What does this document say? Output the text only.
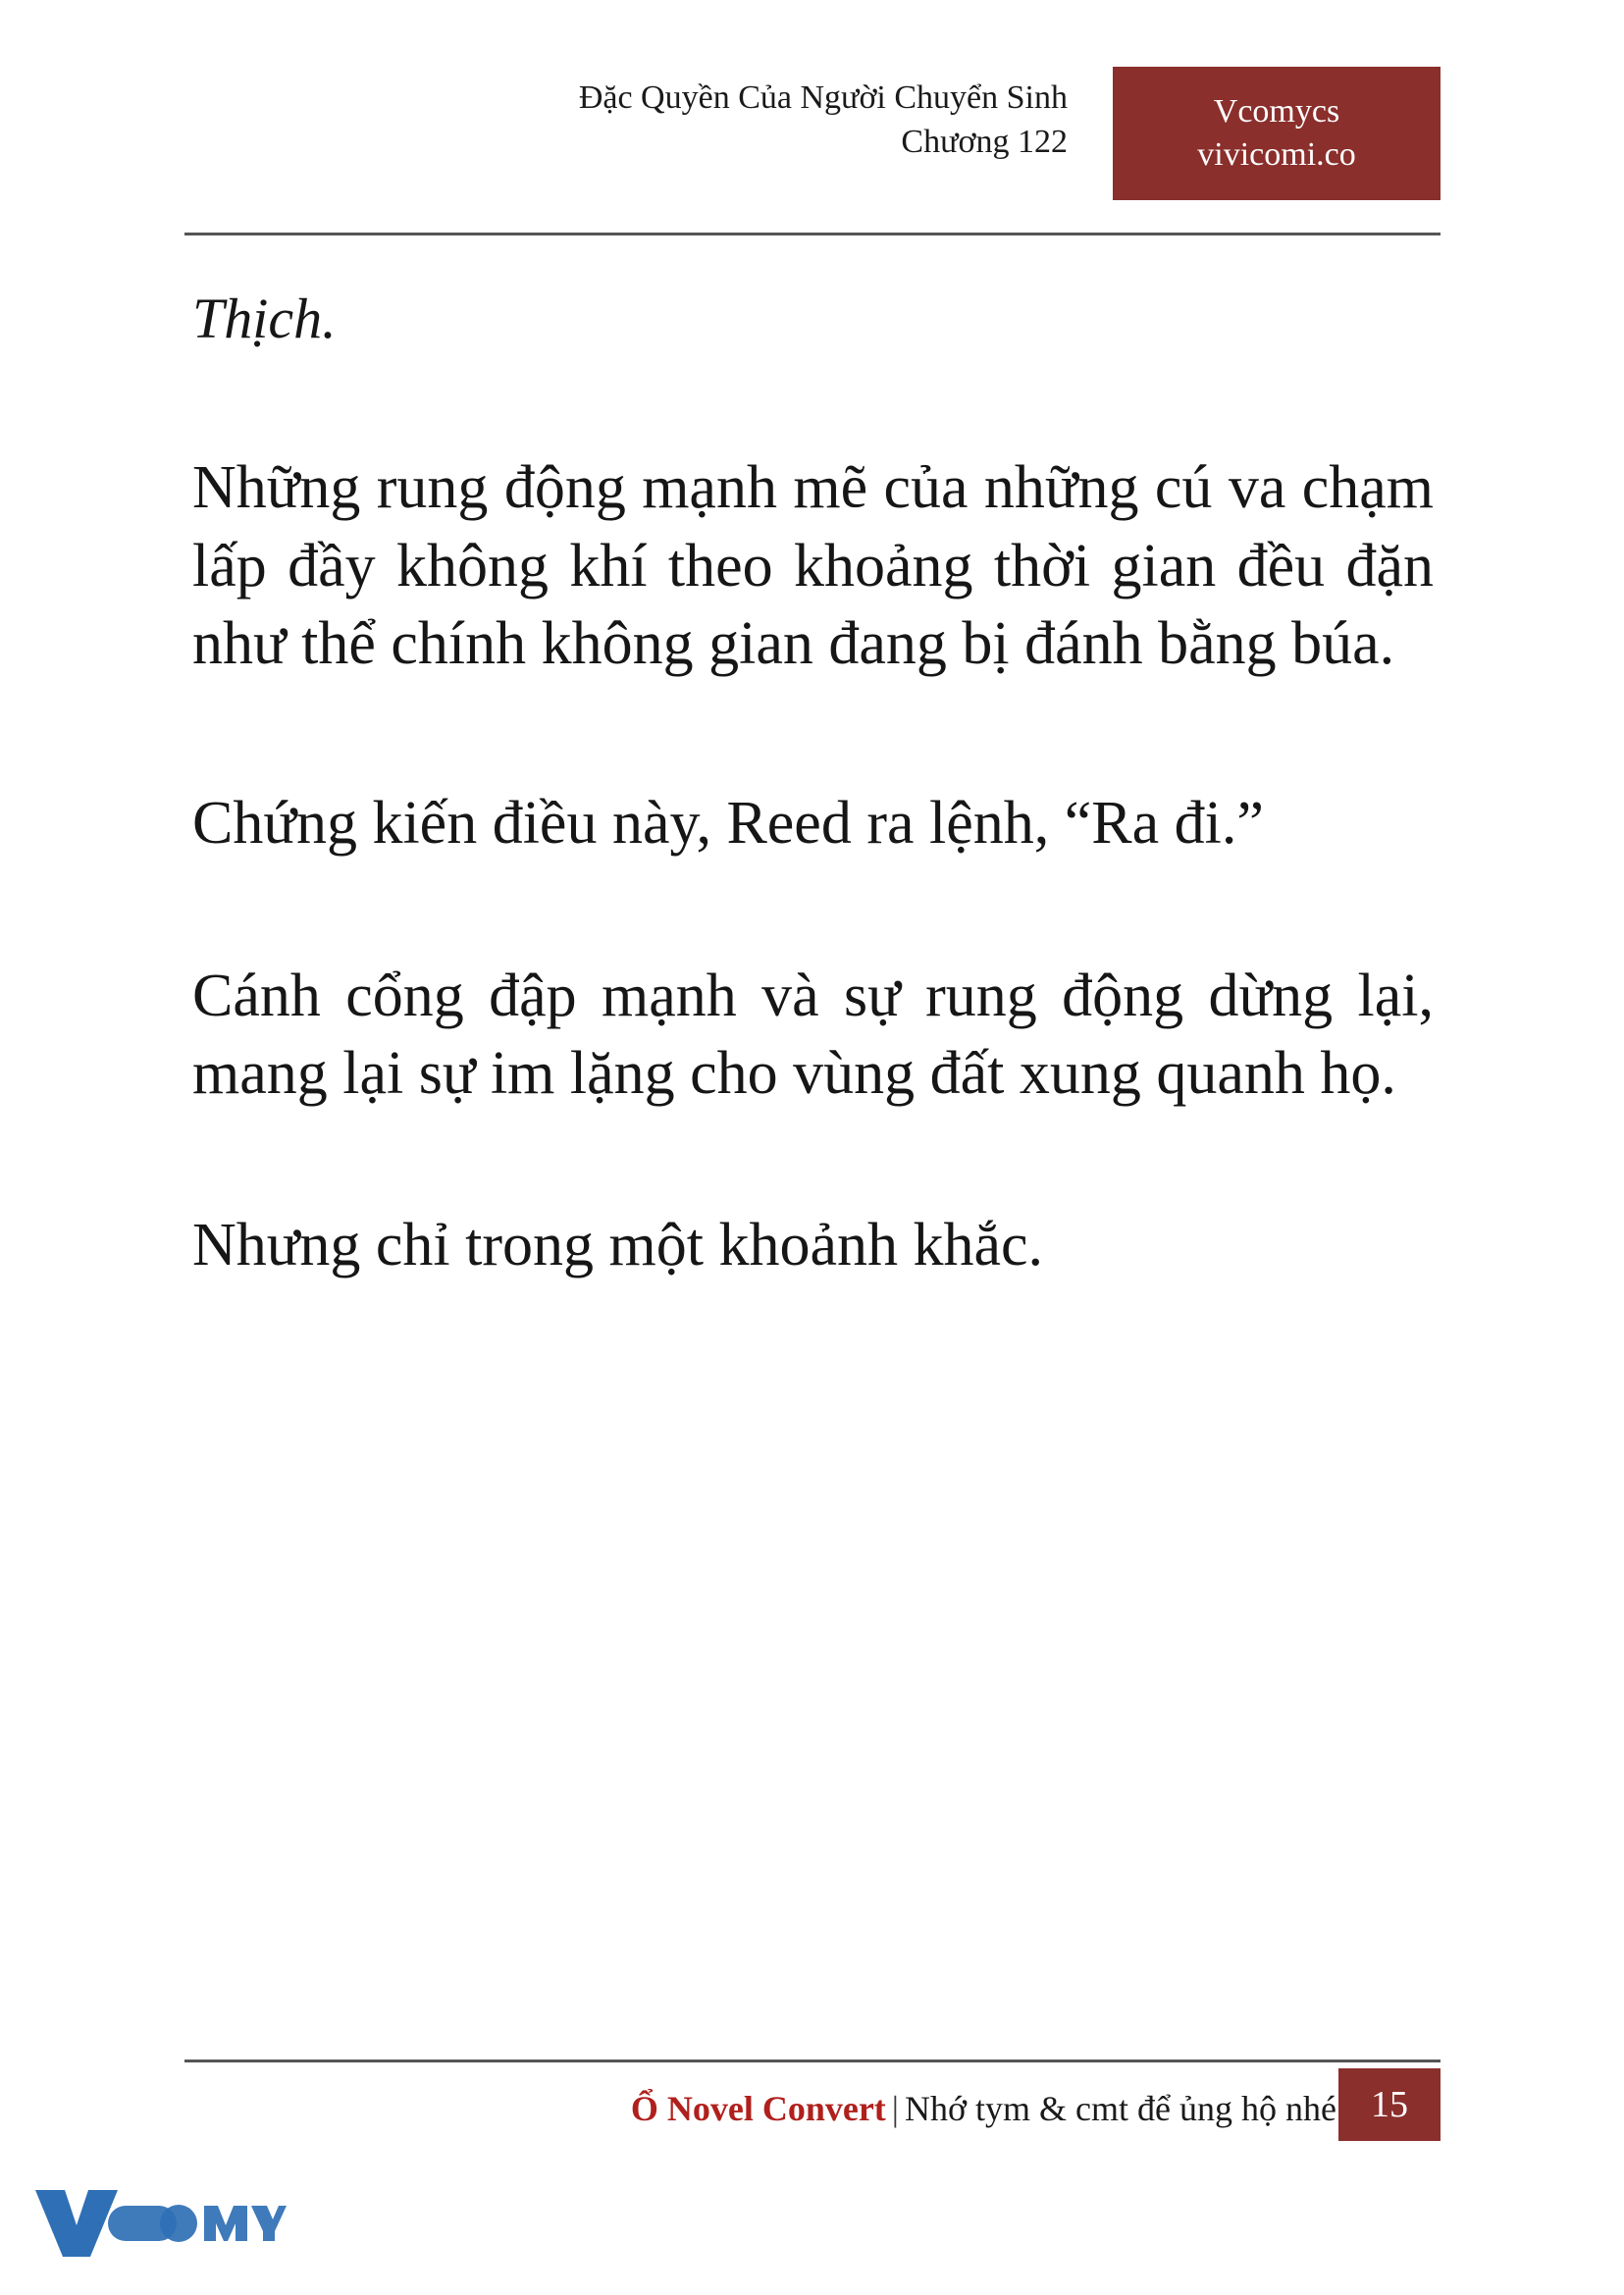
Đặc Quyền Của Người Chuyển Sinh
Chương 122
Vcomycs
vivicomi.co

Thịch.

Những rung động mạnh mẽ của những cú va chạm lấp đầy không khí theo khoảng thời gian đều đặn như thể chính không gian đang bị đánh bằng búa.

Chứng kiến điều này, Reed ra lệnh, “Ra đi.”

Cánh cổng đập mạnh và sự rung động dừng lại, mang lại sự im lặng cho vùng đất xung quanh họ.

Nhưng chỉ trong một khoảnh khắc.

Ổ Novel Convert | Nhớ tym & cmt để ủng hộ nhé 15
